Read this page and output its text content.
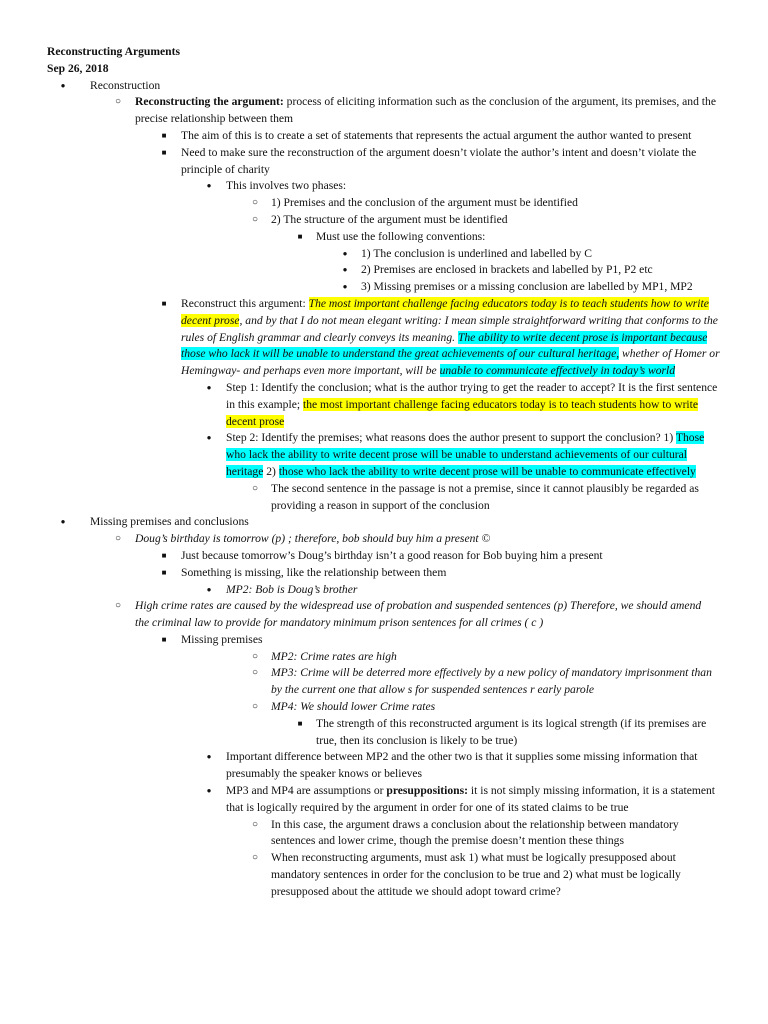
Reconstructing Arguments
Sep 26, 2018
●
Reconstruction
○
Reconstructing the argument: process of eliciting information such as the conclusion of the argument, its premises, and the precise relationship between them
■
The aim of this is to create a set of statements that represents the actual argument the author wanted to present
■
Need to make sure the reconstruction of the argument doesn’t violate the author’s intent and doesn’t violate the principle of charity
●
This involves two phases:
○
1) Premises and the conclusion of the argument must be identified
○
2) The structure of the argument must be identified
■
Must use the following conventions:
●
1) The conclusion is underlined and labelled by C
●
2) Premises are enclosed in brackets and labelled by P1, P2 etc
●
3) Missing premises or a missing conclusion are labelled by MP1, MP2
■
Reconstruct this argument: The most important challenge facing educators today is to teach students how to write decent prose, and by that I do not mean elegant writing: I mean simple straightforward writing that conforms to the rules of English grammar and clearly conveys its meaning. The ability to write decent prose is important because those who lack it will be unable to understand the great achievements of our cultural heritage, whether of Homer or Hemingway- and perhaps even more important, will be unable to communicate effectively in today’s world
●
Step 1: Identify the conclusion; what is the author trying to get the reader to accept? It is the first sentence in this example; the most important challenge facing educators today is to teach students how to write decent prose
●
Step 2: Identify the premises; what reasons does the author present to support the conclusion? 1) Those who lack the ability to write decent prose will be unable to understand achievements of our cultural heritage 2) those who lack the ability to write decent prose will be unable to communicate effectively
○
The second sentence in the passage is not a premise, since it cannot plausibly be regarded as providing a reason in support of the conclusion
●
Missing premises and conclusions
○
Doug’s birthday is tomorrow (p) ; therefore, bob should buy him a present ©
■
Just because tomorrow’s Doug’s birthday isn’t a good reason for Bob buying him a present
■
Something is missing, like the relationship between them
●
MP2: Bob is Doug’s brother
○
High crime rates are caused by the widespread use of probation and suspended sentences (p) Therefore, we should amend the criminal law to provide for mandatory minimum prison sentences for all crimes ( c )
■
Missing premises
○
MP2: Crime rates are high
○
MP3: Crime will be deterred more effectively by a new policy of mandatory imprisonment than by the current one that allow s for suspended sentences r early parole
○
MP4: We should lower Crime rates
■
The strength of this reconstructed argument is its logical strength (if its premises are true, then its conclusion is likely to be true)
●
Important difference between MP2 and the other two is that it supplies some missing information that presumably the speaker knows or believes
●
MP3 and MP4 are assumptions or presuppositions: it is not simply missing information, it is a statement that is logically required by the argument in order for one of its stated claims to be true
○
In this case, the argument draws a conclusion about the relationship between mandatory sentences and lower crime, though the premise doesn’t mention these things
○
When reconstructing arguments, must ask 1) what must be logically presupposed about mandatory sentences in order for the conclusion to be true and 2) what must be logically presupposed about the attitude we should adopt toward crime?
